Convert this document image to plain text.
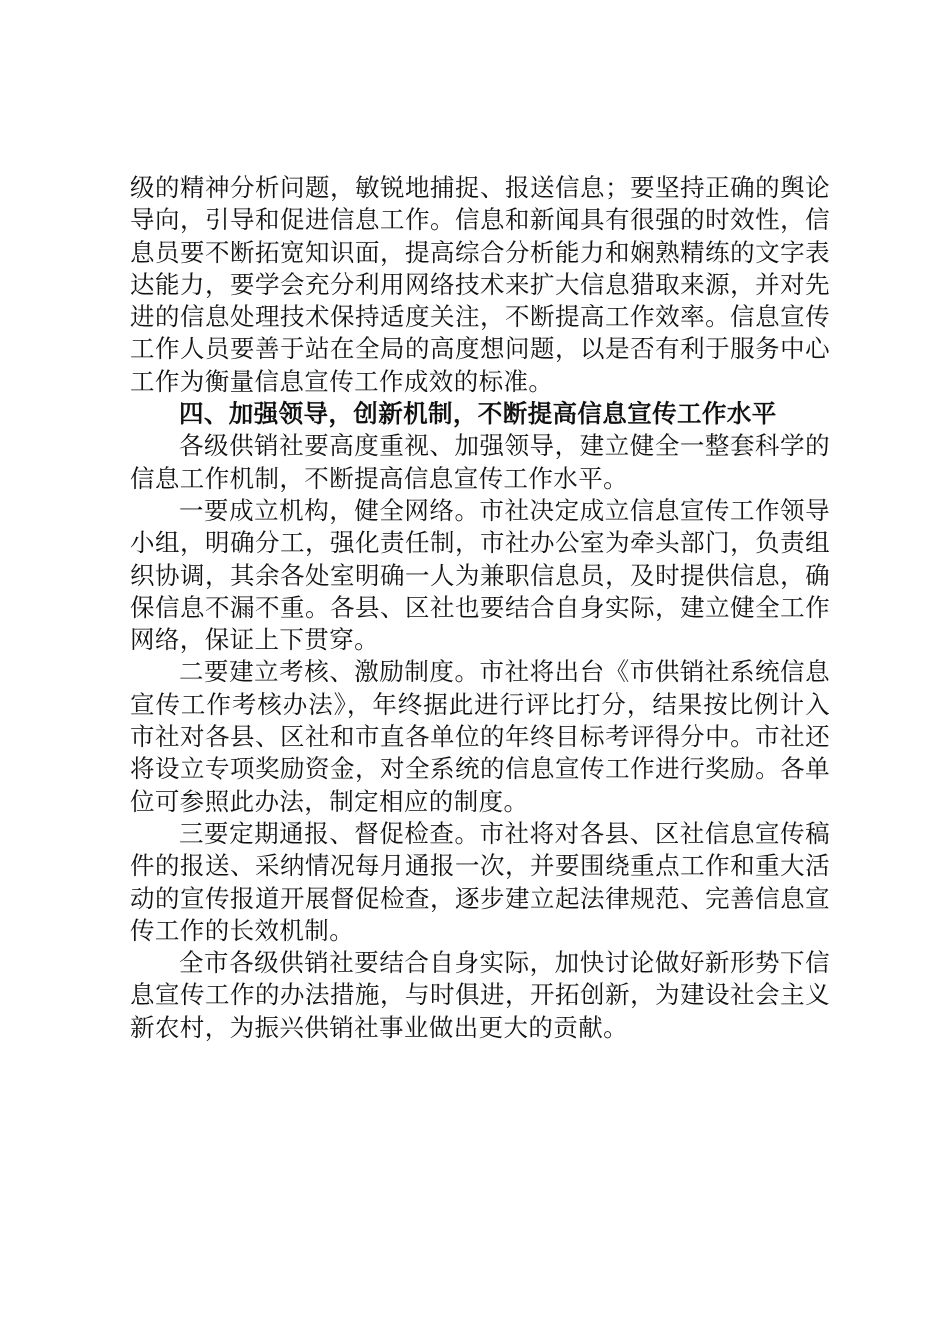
级的精神分析问题，敏锐地捕捉、报送信息；要坚持正确的舆论导向，引导和促进信息工作。信息和新闻具有很强的时效性，信息员要不断拓宽知识面，提高综合分析能力和娴熟精练的文字表达能力，要学会充分利用网络技术来扩大信息猎取来源，并对先进的信息处理技术保持适度关注，不断提高工作效率。信息宣传工作人员要善于站在全局的高度想问题，以是否有利于服务中心工作为衡量信息宣传工作成效的标准。

四、加强领导，创新机制，不断提高信息宣传工作水平

各级供销社要高度重视、加强领导，建立健全一整套科学的信息工作机制，不断提高信息宣传工作水平。

一要成立机构，健全网络。市社决定成立信息宣传工作领导小组，明确分工，强化责任制，市社办公室为牵头部门，负责组织协调，其余各处室明确一人为兼职信息员，及时提供信息，确保信息不漏不重。各县、区社也要结合自身实际，建立健全工作网络，保证上下贯穿。

二要建立考核、激励制度。市社将出台《市供销社系统信息宣传工作考核办法》，年终据此进行评比打分，结果按比例计入市社对各县、区社和市直各单位的年终目标考评得分中。市社还将设立专项奖励资金，对全系统的信息宣传工作进行奖励。各单位可参照此办法，制定相应的制度。

三要定期通报、督促检查。市社将对各县、区社信息宣传稿件的报送、采纳情况每月通报一次，并要围绕重点工作和重大活动的宣传报道开展督促检查，逐步建立起法律规范、完善信息宣传工作的长效机制。

全市各级供销社要结合自身实际，加快讨论做好新形势下信息宣传工作的办法措施，与时俱进，开拓创新，为建设社会主义新农村，为振兴供销社事业做出更大的贡献。
